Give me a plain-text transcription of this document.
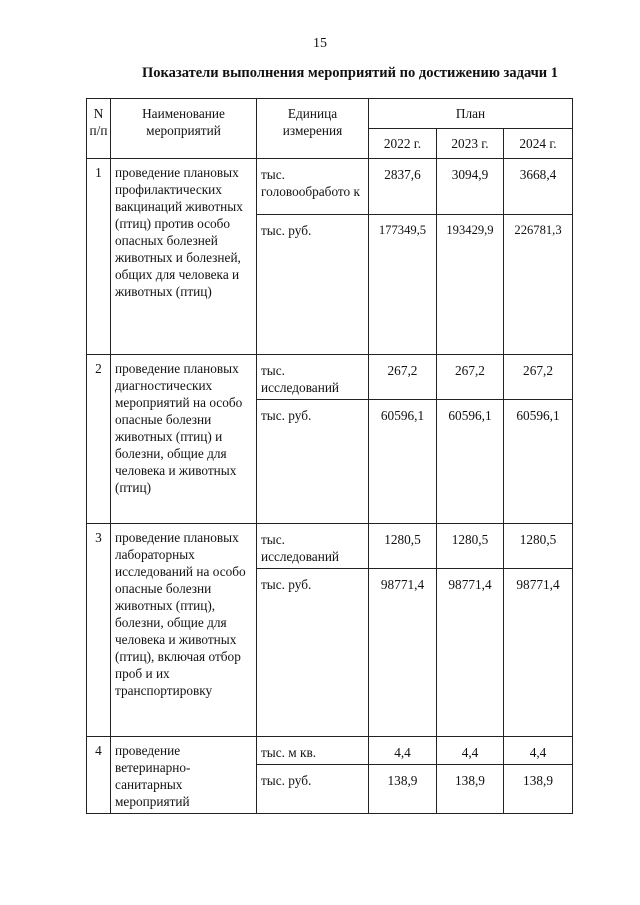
15
Показатели выполнения мероприятий по достижению задачи 1
N п/п	Наименование мероприятий	Единица измерения	План		
			2022 г.	2023 г.	2024 г.
1	проведение плановых профилактических вакцинаций животных (птиц) против особо опасных болезней животных и болезней, общих для человека и животных (птиц)	тыс. головообработо к	2837,6	3094,9	3668,4
		тыс. руб.	177349,5	193429,9	226781,3
2	проведение плановых диагностических мероприятий на особо опасные болезни животных (птиц) и болезни, общие для человека и животных (птиц)	тыс. исследований	267,2	267,2	267,2
		тыс. руб.	60596,1	60596,1	60596,1
3	проведение плановых лабораторных исследований на особо опасные болезни животных (птиц), болезни, общие для человека и животных (птиц), включая отбор проб и их транспортировку	тыс. исследований	1280,5	1280,5	1280,5
		тыс. руб.	98771,4	98771,4	98771,4
4	проведение ветеринарно-санитарных мероприятий	тыс. м кв.	4,4	4,4	4,4
		тыс. руб.	138,9	138,9	138,9
